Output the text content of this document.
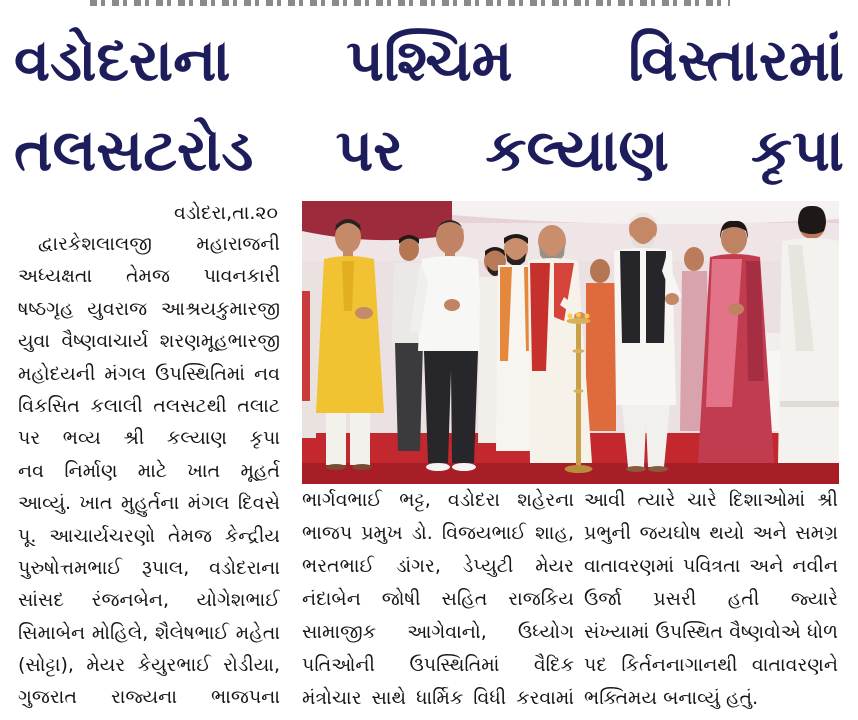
વડોદરાના પશ્ચિમ વિસ્તારમાં
તલસટરોડ પર કલ્યાણ કૃપા
વડોદરા,તા.૨૦
દ્વારકેશલાલજી મહારાજની
અધ્યક્ષતા તેમજ પાવનકારી
ષષ્ઠગૃહ યુવરાજ આશ્રયકુમારજી
યુવા વૈષ્ણવાચાર્ય શરણમૂહભારજી
મહોદયની મંગલ ઉપસ્થિતિમાં નવ
વિકસિત કલાલી તલસટથી તલાટ
પર ભવ્ય શ્રી કલ્યાણ કૃપા
નવ નિર્માણ માટે ખાત મૂહર્ત
આવ્યું. ખાત મુહુર્તના મંગલ દિવસે
પૂ. આચાર્યચરણો તેમજ કેન્દ્રીય
પુરુષોત્તમભાઈ રૂપાલ, વડોદરાના
સાંસદ રંજનબેન, યોગેશભાઈ
સિમાબેન મોહિલે, શૈલેષભાઈ મહેતા
(સોટ્ટા), મેયર કેયુરભાઈ રોડીયા,
ગુજરાત રાજ્યના ભાજપના
ભાર્ગવભાઈ ભટ્ટ, વડોદરા શહેરના
ભાજપ પ્રમુખ ડો. વિજયભાઈ શાહ,
ભરતભાઈ ડાંગર, ડેપ્યુટી મેયર
નંદાબેન જોષી સહિત રાજકિય
સામાજીક આગેવાનો, ઉધ્યોગ
પતિઓની ઉપસ્થિતિમાં વૈદિક
મંત્રોચાર સાથે ધાર્મિક વિધી કરવામાં
આવી ત્યારે ચારે દિશાઓમાં શ્રી
પ્રભુની જયઘોષ થયો અને સમગ્ર
વાતાવરણમાં પવિત્રતા અને નવીન
ઉર્જા પ્રસરી હતી જ્યારે
સંખ્યામાં ઉપસ્થિત વૈષ્ણવોએ ધોળ
પદ કિર્તનનાગાનથી વાતાવરણને
ભક્તિમય બનાવ્યું હતું.
